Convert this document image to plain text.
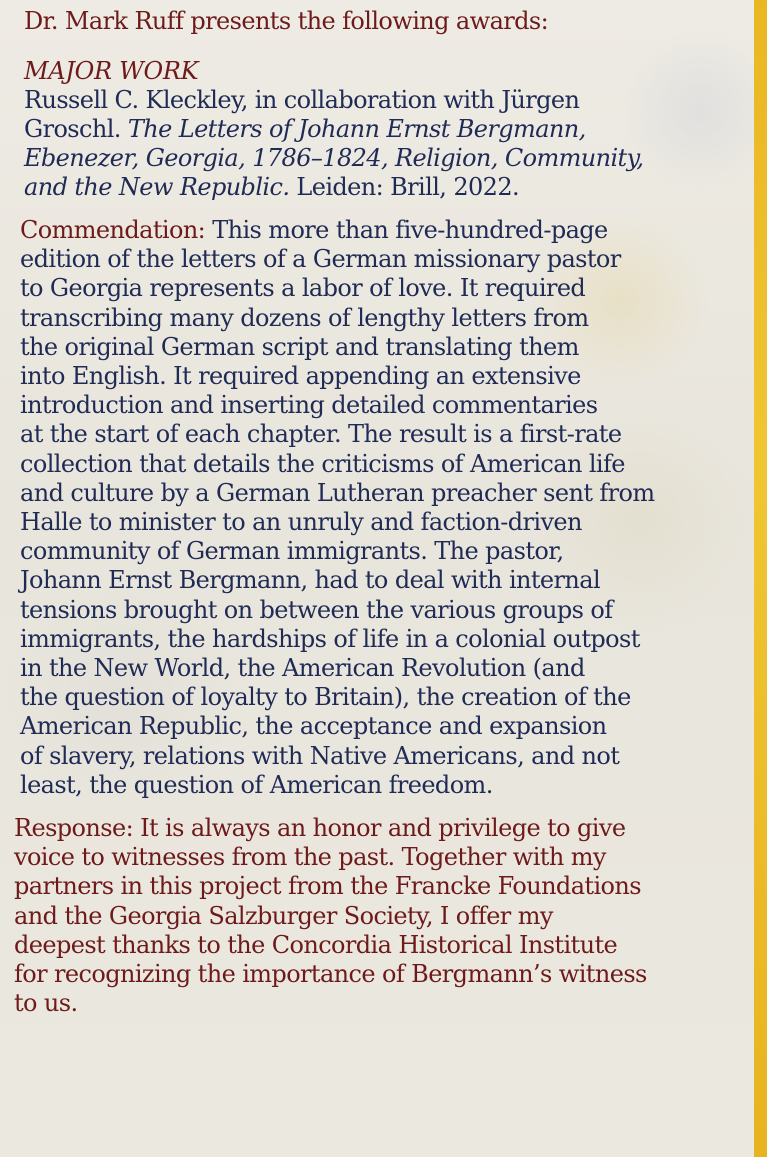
Dr. Mark Ruff presents the following awards:
MAJOR WORK
Russell C. Kleckley, in collaboration with Jürgen
Groschl. The Letters of Johann Ernst Bergmann,
Ebenezer, Georgia, 1786–1824, Religion, Community,
and the New Republic. Leiden: Brill, 2022.
Commendation: This more than five-hundred-page
edition of the letters of a German missionary pastor
to Georgia represents a labor of love. It required
transcribing many dozens of lengthy letters from
the original German script and translating them
into English. It required appending an extensive
introduction and inserting detailed commentaries
at the start of each chapter. The result is a first-rate
collection that details the criticisms of American life
and culture by a German Lutheran preacher sent from
Halle to minister to an unruly and faction-driven
community of German immigrants. The pastor,
Johann Ernst Bergmann, had to deal with internal
tensions brought on between the various groups of
immigrants, the hardships of life in a colonial outpost
in the New World, the American Revolution (and
the question of loyalty to Britain), the creation of the
American Republic, the acceptance and expansion
of slavery, relations with Native Americans, and not
least, the question of American freedom.
Response: It is always an honor and privilege to give
voice to witnesses from the past. Together with my
partners in this project from the Francke Foundations
and the Georgia Salzburger Society, I offer my
deepest thanks to the Concordia Historical Institute
for recognizing the importance of Bergmann’s witness
to us.
